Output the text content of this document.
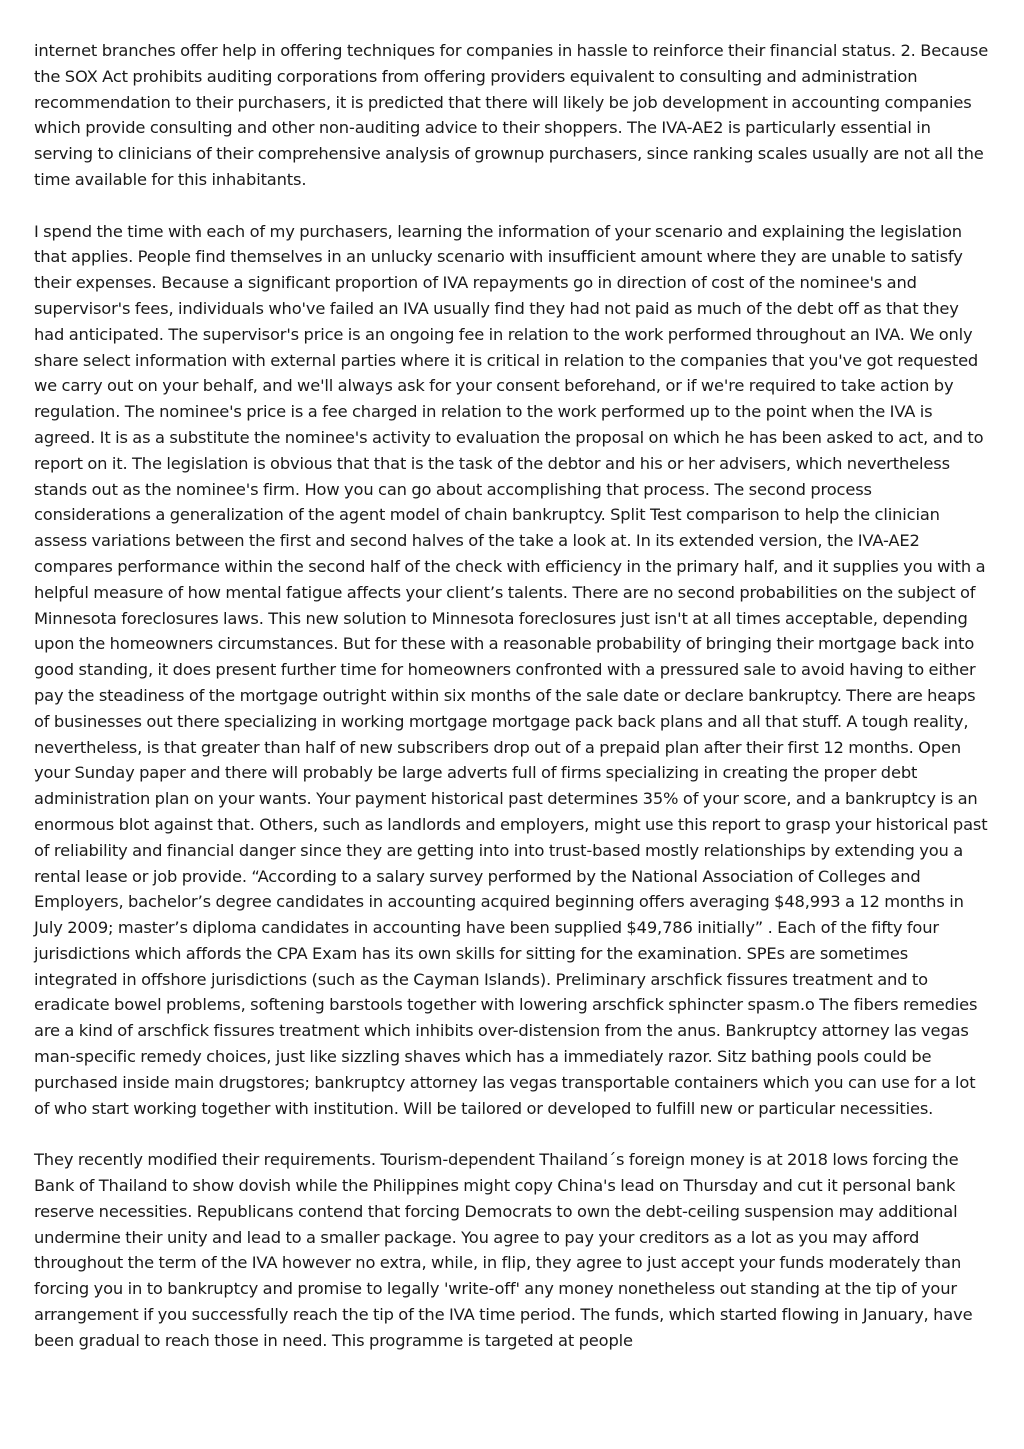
internet branches offer help in offering techniques for companies in hassle to reinforce their financial status. 2. Because the SOX Act prohibits auditing corporations from offering providers equivalent to consulting and administration recommendation to their purchasers, it is predicted that there will likely be job development in accounting companies which provide consulting and other non-auditing advice to their shoppers. The IVA-AE2 is particularly essential in serving to clinicians of their comprehensive analysis of grownup purchasers, since ranking scales usually are not all the time available for this inhabitants.

I spend the time with each of my purchasers, learning the information of your scenario and explaining the legislation that applies. People find themselves in an unlucky scenario with insufficient amount where they are unable to satisfy their expenses. Because a significant proportion of IVA repayments go in direction of cost of the nominee's and supervisor's fees, individuals who've failed an IVA usually find they had not paid as much of the debt off as that they had anticipated. The supervisor's price is an ongoing fee in relation to the work performed throughout an IVA. We only share select information with external parties where it is critical in relation to the companies that you've got requested we carry out on your behalf, and we'll always ask for your consent beforehand, or if we're required to take action by regulation. The nominee's price is a fee charged in relation to the work performed up to the point when the IVA is agreed. It is as a substitute the nominee's activity to evaluation the proposal on which he has been asked to act, and to report on it. The legislation is obvious that that is the task of the debtor and his or her advisers, which nevertheless stands out as the nominee's firm. How you can go about accomplishing that process. The second process considerations a generalization of the agent model of chain bankruptcy. Split Test comparison to help the clinician assess variations between the first and second halves of the take a look at. In its extended version, the IVA-AE2 compares performance within the second half of the check with efficiency in the primary half, and it supplies you with a helpful measure of how mental fatigue affects your client’s talents. There are no second probabilities on the subject of Minnesota foreclosures laws. This new solution to Minnesota foreclosures just isn't at all times acceptable, depending upon the homeowners circumstances. But for these with a reasonable probability of bringing their mortgage back into good standing, it does present further time for homeowners confronted with a pressured sale to avoid having to either pay the steadiness of the mortgage outright within six months of the sale date or declare bankruptcy. There are heaps of businesses out there specializing in working mortgage mortgage pack back plans and all that stuff. A tough reality, nevertheless, is that greater than half of new subscribers drop out of a prepaid plan after their first 12 months. Open your Sunday paper and there will probably be large adverts full of firms specializing in creating the proper debt administration plan on your wants. Your payment historical past determines 35% of your score, and a bankruptcy is an enormous blot against that. Others, such as landlords and employers, might use this report to grasp your historical past of reliability and financial danger since they are getting into into trust-based mostly relationships by extending you a rental lease or job provide. “According to a salary survey performed by the National Association of Colleges and Employers, bachelor’s degree candidates in accounting acquired beginning offers averaging $48,993 a 12 months in July 2009; master’s diploma candidates in accounting have been supplied $49,786 initially” . Each of the fifty four jurisdictions which affords the CPA Exam has its own skills for sitting for the examination. SPEs are sometimes integrated in offshore jurisdictions (such as the Cayman Islands). Preliminary arschfick fissures treatment and to eradicate bowel problems, softening barstools together with lowering arschfick sphincter spasm.o The fibers remedies are a kind of arschfick fissures treatment which inhibits over-distension from the anus. Bankruptcy attorney las vegas man-specific remedy choices, just like sizzling shaves which has a immediately razor. Sitz bathing pools could be purchased inside main drugstores; bankruptcy attorney las vegas transportable containers which you can use for a lot of who start working together with institution. Will be tailored or developed to fulfill new or particular necessities.

They recently modified their requirements. Tourism-dependent Thailand´s foreign money is at 2018 lows forcing the Bank of Thailand to show dovish while the Philippines might copy China's lead on Thursday and cut it personal bank reserve necessities. Republicans contend that forcing Democrats to own the debt-ceiling suspension may additional undermine their unity and lead to a smaller package. You agree to pay your creditors as a lot as you may afford throughout the term of the IVA however no extra, while, in flip, they agree to just accept your funds moderately than forcing you in to bankruptcy and promise to legally 'write-off' any money nonetheless out standing at the tip of your arrangement if you successfully reach the tip of the IVA time period. The funds, which started flowing in January, have been gradual to reach those in need. This programme is targeted at people
